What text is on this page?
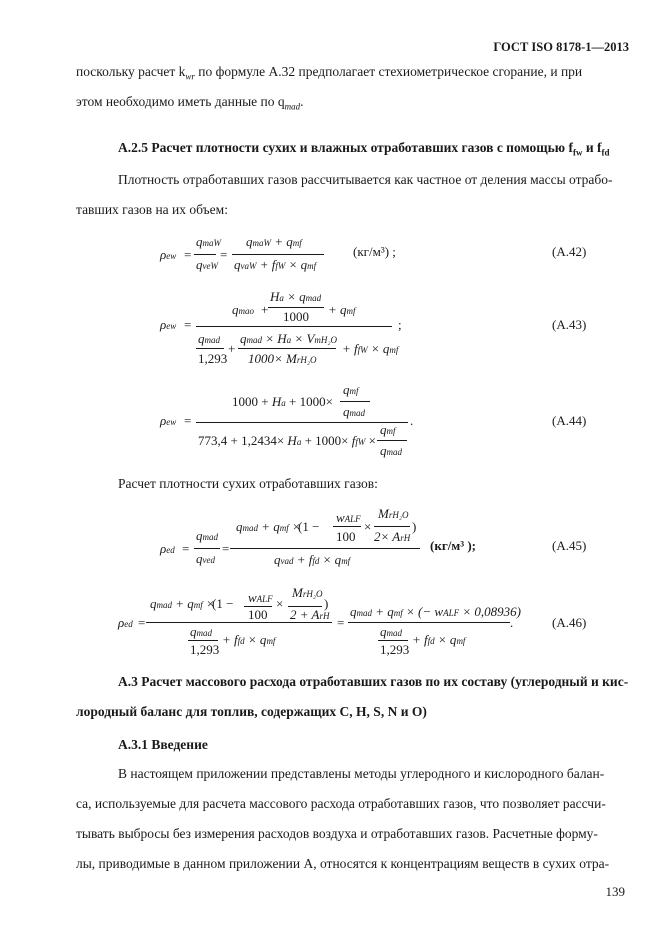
ГОСТ ISO 8178-1—2013
поскольку расчет $k_{wr}$ по формуле А.32 предполагает стехиометрическое сгорание, и при
этом необходимо иметь данные по $q_{mad}$.
А.2.5 Расчет плотности сухих и влажных отработавших газов с помощью $f_{fw}$ и $f_{fd}$
Плотность отработавших газов рассчитывается как частное от деления массы отрабо-
тавших газов на их объем:
ρew =
qmaW
qveW
=
qmaW + qmf
qvaW + ffW × qmf
(кг/м³) ;	(А.42)
ρew =
qmao +
Ha × qmad
1000 + qmf
qmad
1,293
+
qmad × Ha × VmH₂O
1000× MrH₂O
+ ffW × qmf
;	(А.43)
ρew =
1000 + Ha + 1000×
qmf
qmad
773,4 + 1,2434× Ha + 1000× ffW ×
qmf
qmad
.	(А.44)
Расчет плотности сухих отработавших газов:
ρed =
qmad
qved
=
qmad + qmf ×
(1 −
wALF
100
×
MrH₂O
2× ArH
)
qvad + ffd × qmf
(кг/м³ );	(А.45)
ρed =
qmad + qmf ×
(1 − wALF
100
×
MrH₂O
2 + ArH
)
qmad
1,293
+ ffd × qmf
=
qmad + qmf × (− wALF × 0,08936)
qmad
1,293
+ ffd × qmf
.	(А.46)
А.3 Расчет массового расхода отработавших газов по их составу (углеродный и кис-
лородный баланс для топлив, содержащих C, H, S, N и О)
А.3.1 Введение
В настоящем приложении представлены методы углеродного и кислородного балан-
са, используемые для расчета массового расхода отработавших газов, что позволяет рассчи-
тывать выбросы без измерения расходов воздуха и отработавших газов. Расчетные форму-
лы, приводимые в данном приложении А, относятся к концентрациям веществ в сухих отра-
139
